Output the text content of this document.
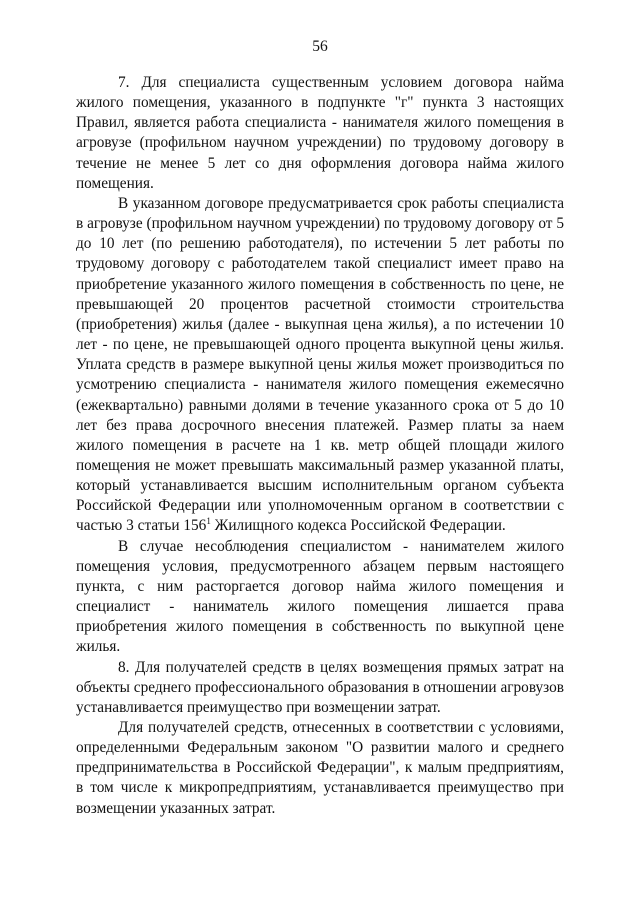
56

7. Для специалиста существенным условием договора найма жилого помещения, указанного в подпункте "г" пункта 3 настоящих Правил, является работа специалиста - нанимателя жилого помещения в агровузе (профильном научном учреждении) по трудовому договору в течение не менее 5 лет со дня оформления договора найма жилого помещения.

В указанном договоре предусматривается срок работы специалиста в агровузе (профильном научном учреждении) по трудовому договору от 5 до 10 лет (по решению работодателя), по истечении 5 лет работы по трудовому договору с работодателем такой специалист имеет право на приобретение указанного жилого помещения в собственность по цене, не превышающей 20 процентов расчетной стоимости строительства (приобретения) жилья (далее - выкупная цена жилья), а по истечении 10 лет - по цене, не превышающей одного процента выкупной цены жилья. Уплата средств в размере выкупной цены жилья может производиться по усмотрению специалиста - нанимателя жилого помещения ежемесячно (ежеквартально) равными долями в течение указанного срока от 5 до 10 лет без права досрочного внесения платежей. Размер платы за наем жилого помещения в расчете на 1 кв. метр общей площади жилого помещения не может превышать максимальный размер указанной платы, который устанавливается высшим исполнительным органом субъекта Российской Федерации или уполномоченным органом в соответствии с частью 3 статьи $156^1$ Жилищного кодекса Российской Федерации.

В случае несоблюдения специалистом - нанимателем жилого помещения условия, предусмотренного абзацем первым настоящего пункта, с ним расторгается договор найма жилого помещения и специалист - наниматель жилого помещения лишается права приобретения жилого помещения в собственность по выкупной цене жилья.

8. Для получателей средств в целях возмещения прямых затрат на объекты среднего профессионального образования в отношении агровузов устанавливается преимущество при возмещении затрат.

Для получателей средств, отнесенных в соответствии с условиями, определенными Федеральным законом "О развитии малого и среднего предпринимательства в Российской Федерации", к малым предприятиям, в том числе к микропредприятиям, устанавливается преимущество при возмещении указанных затрат.
